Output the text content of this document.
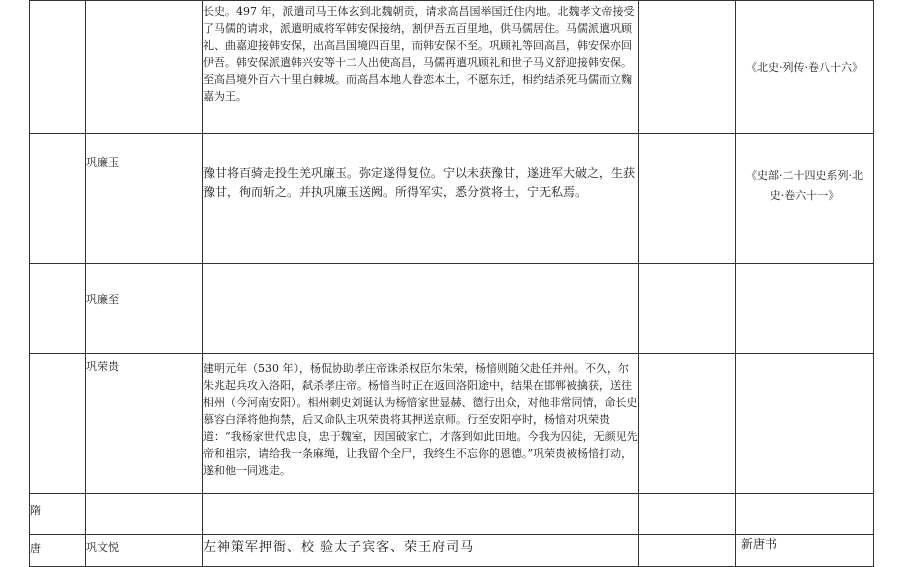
		长史。497 年，派遣司马王体玄到北魏朝贡，请求高昌国举国迁住内地。北魏孝文帝接受了马儒的请求，派遣明威将军韩安保接纳，割伊吾五百里地，供马儒居住。马儒派遣巩顾礼、曲嘉迎接韩安保，出高昌国境四百里，而韩安保不至。巩顾礼等回高昌，韩安保亦回伊吾。韩安保派遣韩兴安等十二人出使高昌，马儒再遣巩顾礼和世子马义舒迎接韩安保。至高昌境外百六十里白棘城。而高昌本地人眷恋本土，不愿东迁，相约结杀死马儒而立麴嘉为王。		《北史·列传·卷八十六》
	巩廉玉	豫甘将百骑走投生羌巩廉玉。弥定遂得复位。宁以未获豫甘，遂进军大破之，生获豫甘，徇而斩之。并执巩廉玉送阙。所得军实，悉分赏将士，宁无私焉。		《史部·二十四史系列·北史·卷六十一》
	巩廉至			
	巩荣贵	建明元年（530 年），杨侃协助孝庄帝诛杀权臣尔朱荣，杨愔则随父赴任并州。不久，尔朱兆起兵攻入洛阳，弑杀孝庄帝。杨愔当时正在返回洛阳途中，结果在邯郸被擒获，送往相州（今河南安阳）。相州刺史刘诞认为杨愔家世显赫、德行出众，对他非常同情，命长史慕容白泽将他拘禁，后又命队主巩荣贵将其押送京师。行至安阳亭时，杨愔对巩荣贵道：“我杨家世代忠良，忠于魏室，因国破家亡，才落到如此田地。今我为囚徒，无颜见先帝和祖宗，请给我一条麻绳，让我留个全尸，我终生不忘你的恩德。”巩荣贵被杨愔打动，遂和他一同逃走。		
隋				
唐	巩文悦	左神策军押衙、校 验太子宾客、荣王府司马		新唐书
